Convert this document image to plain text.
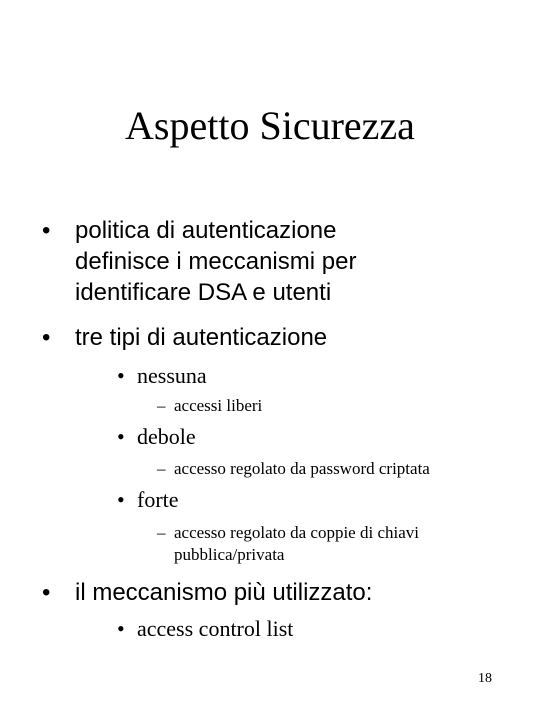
Aspetto Sicurezza
• politica di autenticazione
definisce i meccanismi per
identificare DSA e utenti
• tre tipi di autenticazione
• nessuna
– accessi liberi
• debole
– accesso regolato da password criptata
• forte
– accesso regolato da coppie di chiavi
pubblica/privata
• il meccanismo più utilizzato:
• access control list
18
